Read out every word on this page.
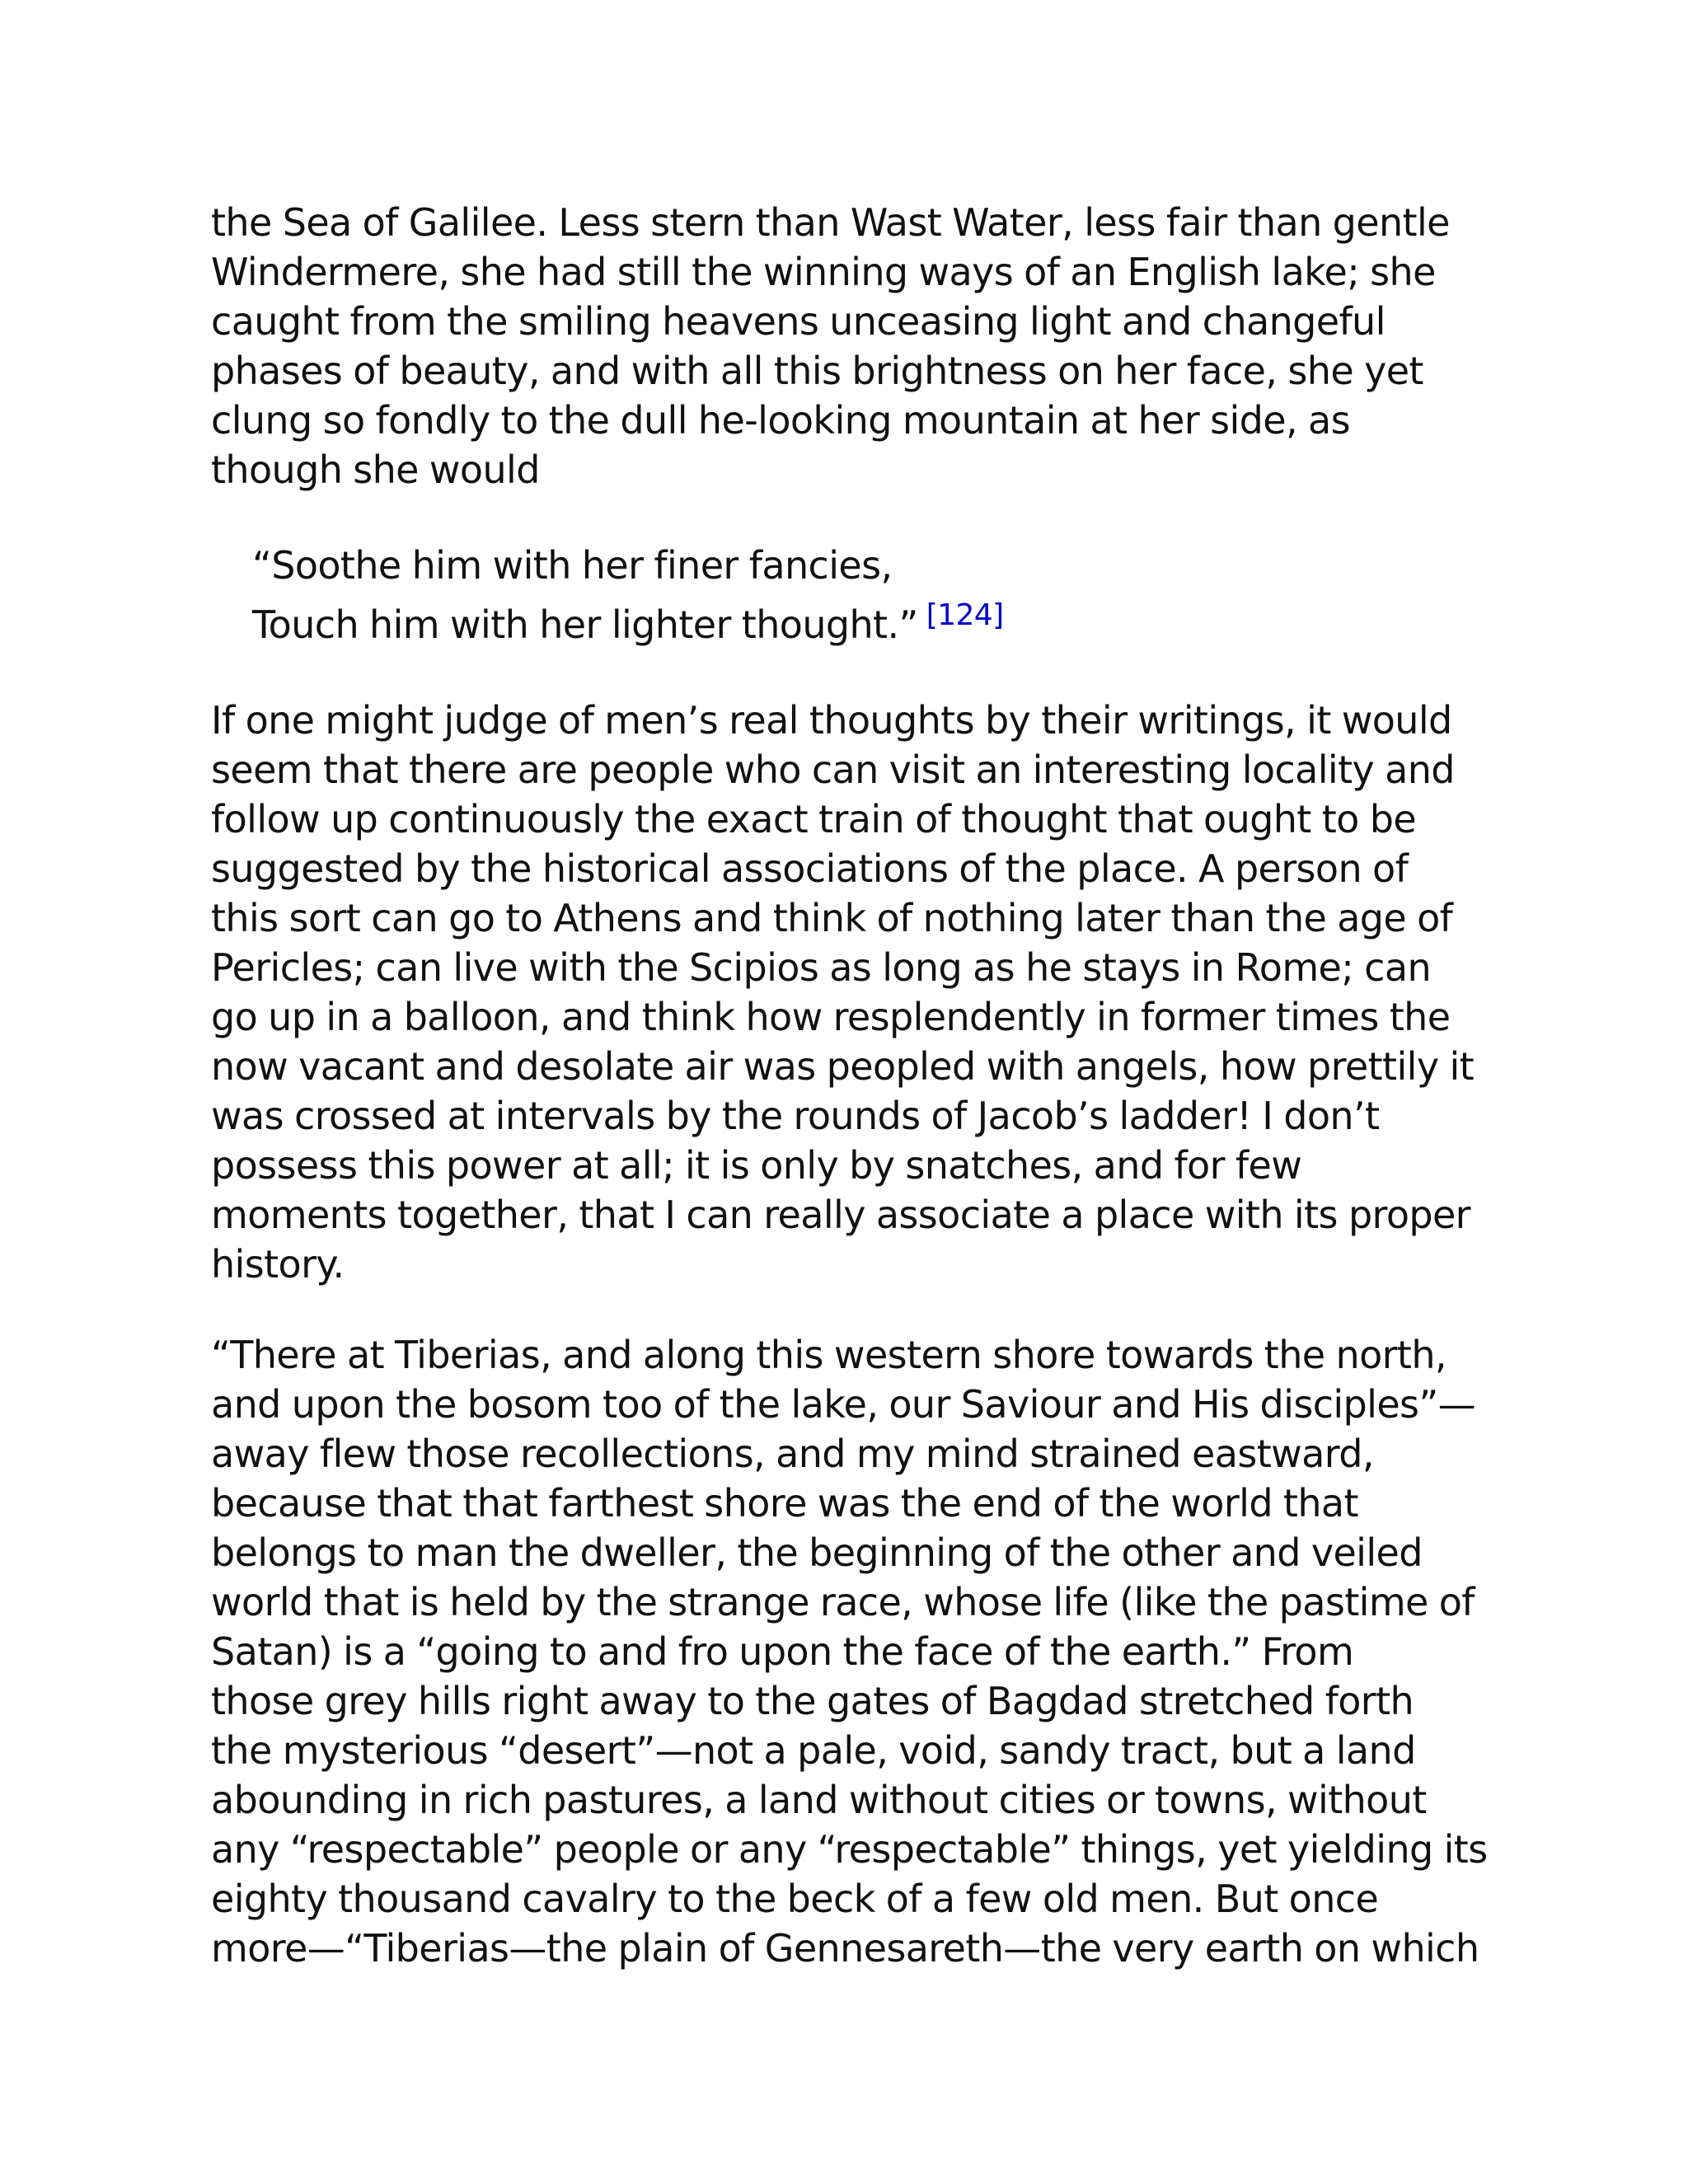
the Sea of Galilee. Less stern than Wast Water, less fair than gentle
Windermere, she had still the winning ways of an English lake; she
caught from the smiling heavens unceasing light and changeful
phases of beauty, and with all this brightness on her face, she yet
clung so fondly to the dull he-looking mountain at her side, as
though she would

“Soothe him with her finer fancies,
Touch him with her lighter thought.” [124]

If one might judge of men’s real thoughts by their writings, it would
seem that there are people who can visit an interesting locality and
follow up continuously the exact train of thought that ought to be
suggested by the historical associations of the place. A person of
this sort can go to Athens and think of nothing later than the age of
Pericles; can live with the Scipios as long as he stays in Rome; can
go up in a balloon, and think how resplendently in former times the
now vacant and desolate air was peopled with angels, how prettily it
was crossed at intervals by the rounds of Jacob’s ladder! I don’t
possess this power at all; it is only by snatches, and for few
moments together, that I can really associate a place with its proper
history.

“There at Tiberias, and along this western shore towards the north,
and upon the bosom too of the lake, our Saviour and His disciples”—
away flew those recollections, and my mind strained eastward,
because that that farthest shore was the end of the world that
belongs to man the dweller, the beginning of the other and veiled
world that is held by the strange race, whose life (like the pastime of
Satan) is a “going to and fro upon the face of the earth.” From
those grey hills right away to the gates of Bagdad stretched forth
the mysterious “desert”—not a pale, void, sandy tract, but a land
abounding in rich pastures, a land without cities or towns, without
any “respectable” people or any “respectable” things, yet yielding its
eighty thousand cavalry to the beck of a few old men. But once
more—“Tiberias—the plain of Gennesareth—the very earth on which
